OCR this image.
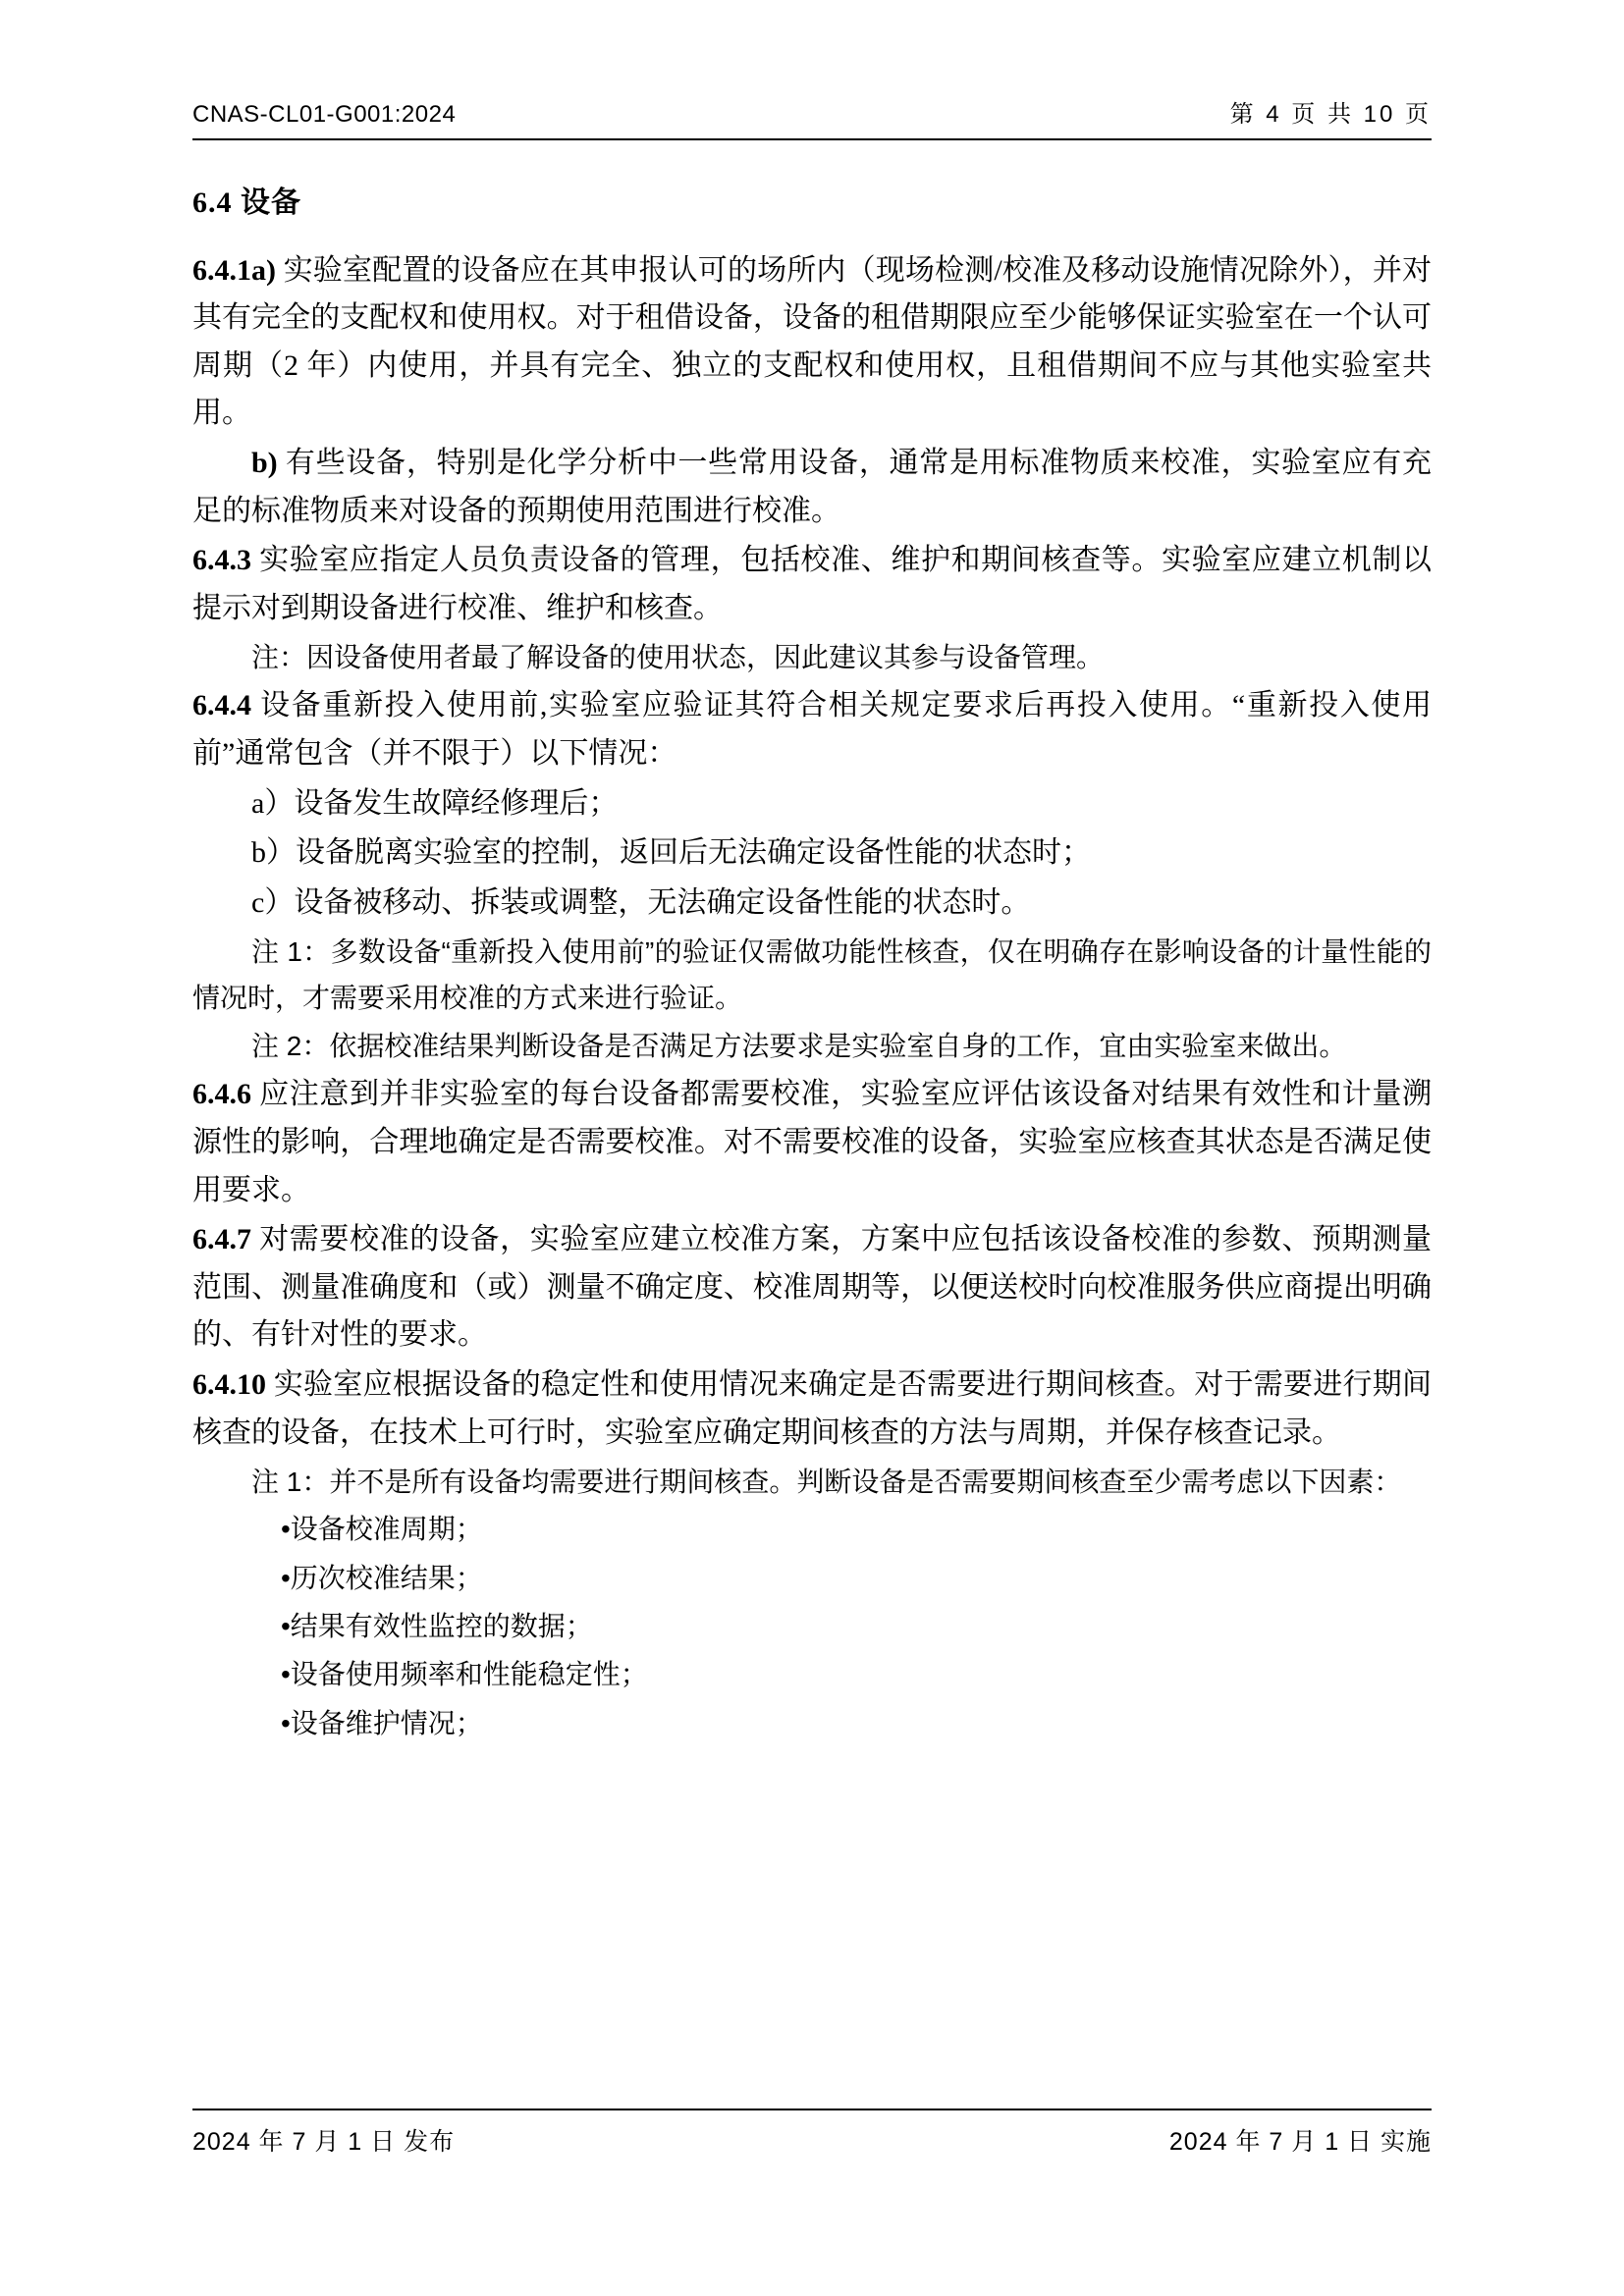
CNAS-CL01-G001:2024	第 4 页 共 10 页
6.4 设备

6.4.1a) 实验室配置的设备应在其申报认可的场所内（现场检测/校准及移动设施情况除外），并对其有完全的支配权和使用权。对于租借设备，设备的租借期限应至少能够保证实验室在一个认可周期（2 年）内使用，并具有完全、独立的支配权和使用权，且租借期间不应与其他实验室共用。

b) 有些设备，特别是化学分析中一些常用设备，通常是用标准物质来校准，实验室应有充足的标准物质来对设备的预期使用范围进行校准。

6.4.3 实验室应指定人员负责设备的管理，包括校准、维护和期间核查等。实验室应建立机制以提示对到期设备进行校准、维护和核查。

注：因设备使用者最了解设备的使用状态，因此建议其参与设备管理。

6.4.4 设备重新投入使用前,实验室应验证其符合相关规定要求后再投入使用。“重新投入使用前”通常包含（并不限于）以下情况：

a）设备发生故障经修理后；

b）设备脱离实验室的控制，返回后无法确定设备性能的状态时；

c）设备被移动、拆装或调整，无法确定设备性能的状态时。

注 1：多数设备“重新投入使用前”的验证仅需做功能性核查，仅在明确存在影响设备的计量性能的情况时，才需要采用校准的方式来进行验证。

注 2：依据校准结果判断设备是否满足方法要求是实验室自身的工作，宜由实验室来做出。

6.4.6 应注意到并非实验室的每台设备都需要校准，实验室应评估该设备对结果有效性和计量溯源性的影响，合理地确定是否需要校准。对不需要校准的设备，实验室应核查其状态是否满足使用要求。

6.4.7 对需要校准的设备，实验室应建立校准方案，方案中应包括该设备校准的参数、预期测量范围、测量准确度和（或）测量不确定度、校准周期等，以便送校时向校准服务供应商提出明确的、有针对性的要求。

6.4.10 实验室应根据设备的稳定性和使用情况来确定是否需要进行期间核查。对于需要进行期间核查的设备，在技术上可行时，实验室应确定期间核查的方法与周期，并保存核查记录。

注 1：并不是所有设备均需要进行期间核查。判断设备是否需要期间核查至少需考虑以下因素：

•设备校准周期；

•历次校准结果；

•结果有效性监控的数据；

•设备使用频率和性能稳定性；

•设备维护情况；

2024 年 7 月 1 日 发布	2024 年 7 月 1 日 实施
